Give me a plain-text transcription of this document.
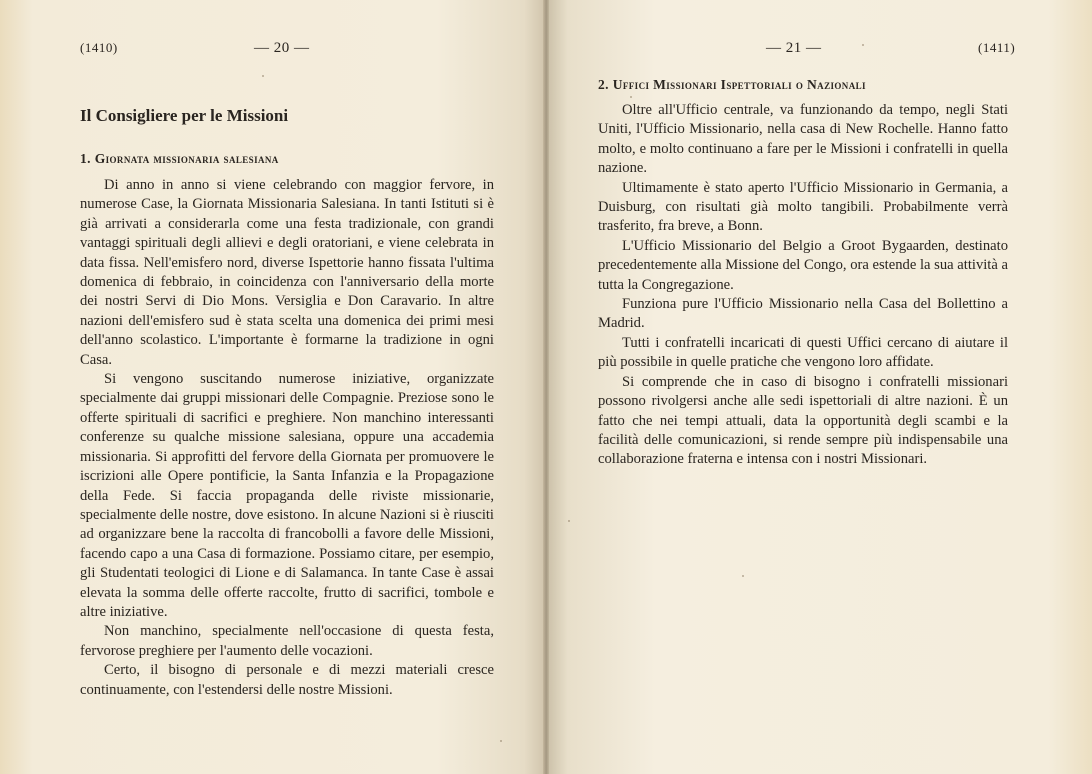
(1410)	— 20 —
Il Consigliere per le Missioni
1. Giornata missionaria salesiana

Di anno in anno si viene celebrando con maggior fervore, in numerose Case, la Giornata Missionaria Salesiana. In tanti Istituti si è già arrivati a considerarla come una festa tradizionale, con grandi vantaggi spirituali degli allievi e degli oratoriani, e viene celebrata in data fissa. Nell'emisfero nord, diverse Ispettorie hanno fissata l'ultima domenica di febbraio, in coincidenza con l'anniversario della morte dei nostri Servi di Dio Mons. Versiglia e Don Caravario. In altre nazioni dell'emisfero sud è stata scelta una domenica dei primi mesi dell'anno scolastico. L'importante è formarne la tradizione in ogni Casa.

Si vengono suscitando numerose iniziative, organizzate specialmente dai gruppi missionari delle Compagnie. Preziose sono le offerte spirituali di sacrifici e preghiere. Non manchino interessanti conferenze su qualche missione salesiana, oppure una accademia missionaria. Si approfitti del fervore della Giornata per promuovere le iscrizioni alle Opere pontificie, la Santa Infanzia e la Propagazione della Fede. Si faccia propaganda delle riviste missionarie, specialmente delle nostre, dove esistono. In alcune Nazioni si è riusciti ad organizzare bene la raccolta di francobolli a favore delle Missioni, facendo capo a una Casa di formazione. Possiamo citare, per esempio, gli Studentati teologici di Lione e di Salamanca. In tante Case è assai elevata la somma delle offerte raccolte, frutto di sacrifici, tombole e altre iniziative.

Non manchino, specialmente nell'occasione di questa festa, fervorose preghiere per l'aumento delle vocazioni.

Certo, il bisogno di personale e di mezzi materiali cresce continuamente, con l'estendersi delle nostre Missioni.

— 21 —	(1411)
2. Uffici Missionari Ispettoriali o Nazionali

Oltre all'Ufficio centrale, va funzionando da tempo, negli Stati Uniti, l'Ufficio Missionario, nella casa di New Rochelle. Hanno fatto molto, e molto continuano a fare per le Missioni i confratelli in quella nazione.

Ultimamente è stato aperto l'Ufficio Missionario in Germania, a Duisburg, con risultati già molto tangibili. Probabilmente verrà trasferito, fra breve, a Bonn.

L'Ufficio Missionario del Belgio a Groot Bygaarden, destinato precedentemente alla Missione del Congo, ora estende la sua attività a tutta la Congregazione.

Funziona pure l'Ufficio Missionario nella Casa del Bollettino a Madrid.

Tutti i confratelli incaricati di questi Uffici cercano di aiutare il più possibile in quelle pratiche che vengono loro affidate.

Si comprende che in caso di bisogno i confratelli missionari possono rivolgersi anche alle sedi ispettoriali di altre nazioni. È un fatto che nei tempi attuali, data la opportunità degli scambi e la facilità delle comunicazioni, si rende sempre più indispensabile una collaborazione fraterna e intensa con i nostri Missionari.
